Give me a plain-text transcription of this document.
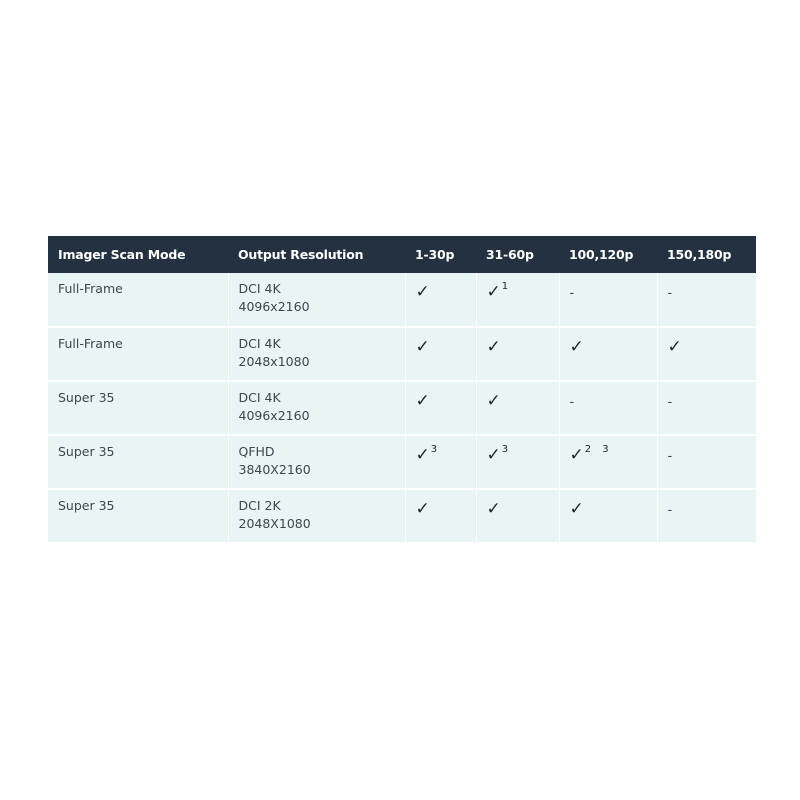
Imager Scan Mode	Output Resolution	1-30p	31-60p	100,120p	150,180p

Full-Frame	DCI 4K
4096x2160	✓	✓$^1$	-	-

Full-Frame	DCI 4K
2048x1080	✓	✓	✓	✓

Super 35	DCI 4K
4096x2160	✓	✓	-	-

Super 35	QFHD
3840X2160	✓$^3$	✓$^3$	✓$^{2 3}$	-

Super 35	DCI 2K
2048X1080	✓	✓	✓	-
